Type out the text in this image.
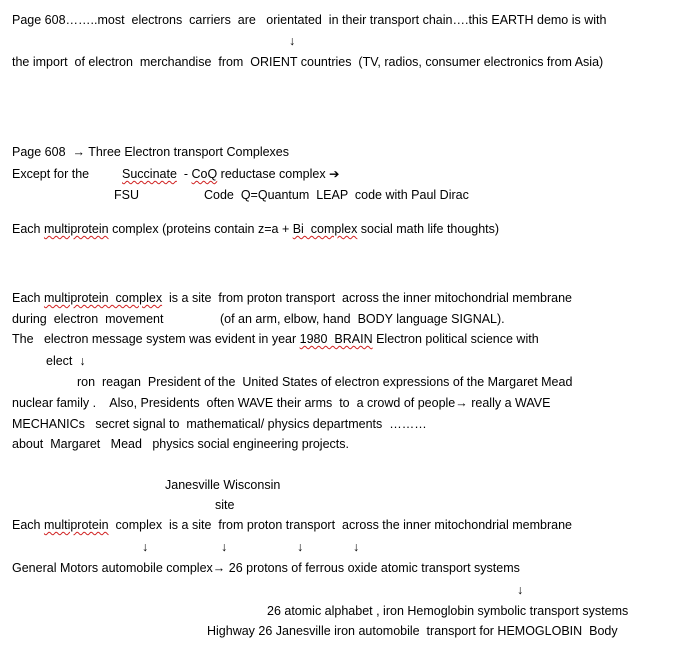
Page 608……..most  electrons  carriers  are   orientated  in their transport chain….this EARTH demo is with
↓
the import  of electron  merchandise  from  ORIENT countries  (TV, radios, consumer electronics from Asia)
Page 608  → Three Electron transport Complexes
Except for the	Succinate  - CoQ reductase complex ➔
FSU	Code  Q=Quantum  LEAP  code with Paul Dirac
Each multiprotein complex (proteins contain z=a + Bi  complex social math life thoughts)
Each multiprotein  complex  is a site  from proton transport  across the inner mitochondrial membrane
during  electron  movement	(of an arm, elbow, hand  BODY language SIGNAL).
The   electron message system was evident in year 1980  BRAIN Electron political science with
elect  ↓
ron  reagan  President of the  United States of electron expressions of the Margaret Mead
nuclear family .    Also, Presidents  often WAVE their arms  to  a crowd of people→ really a WAVE
MECHANICs   secret signal to  mathematical/ physics departments  ………
about  Margaret   Mead   physics social engineering projects.
Janesville Wisconsin
site
Each multiprotein  complex  is a site  from proton transport  across the inner mitochondrial membrane
↓	↓	↓	↓
General Motors automobile complex→ 26 protons of ferrous oxide atomic transport systems
↓
26 atomic alphabet , iron Hemoglobin symbolic transport systems
Highway 26 Janesville iron automobile  transport for HEMOGLOBIN  Body
